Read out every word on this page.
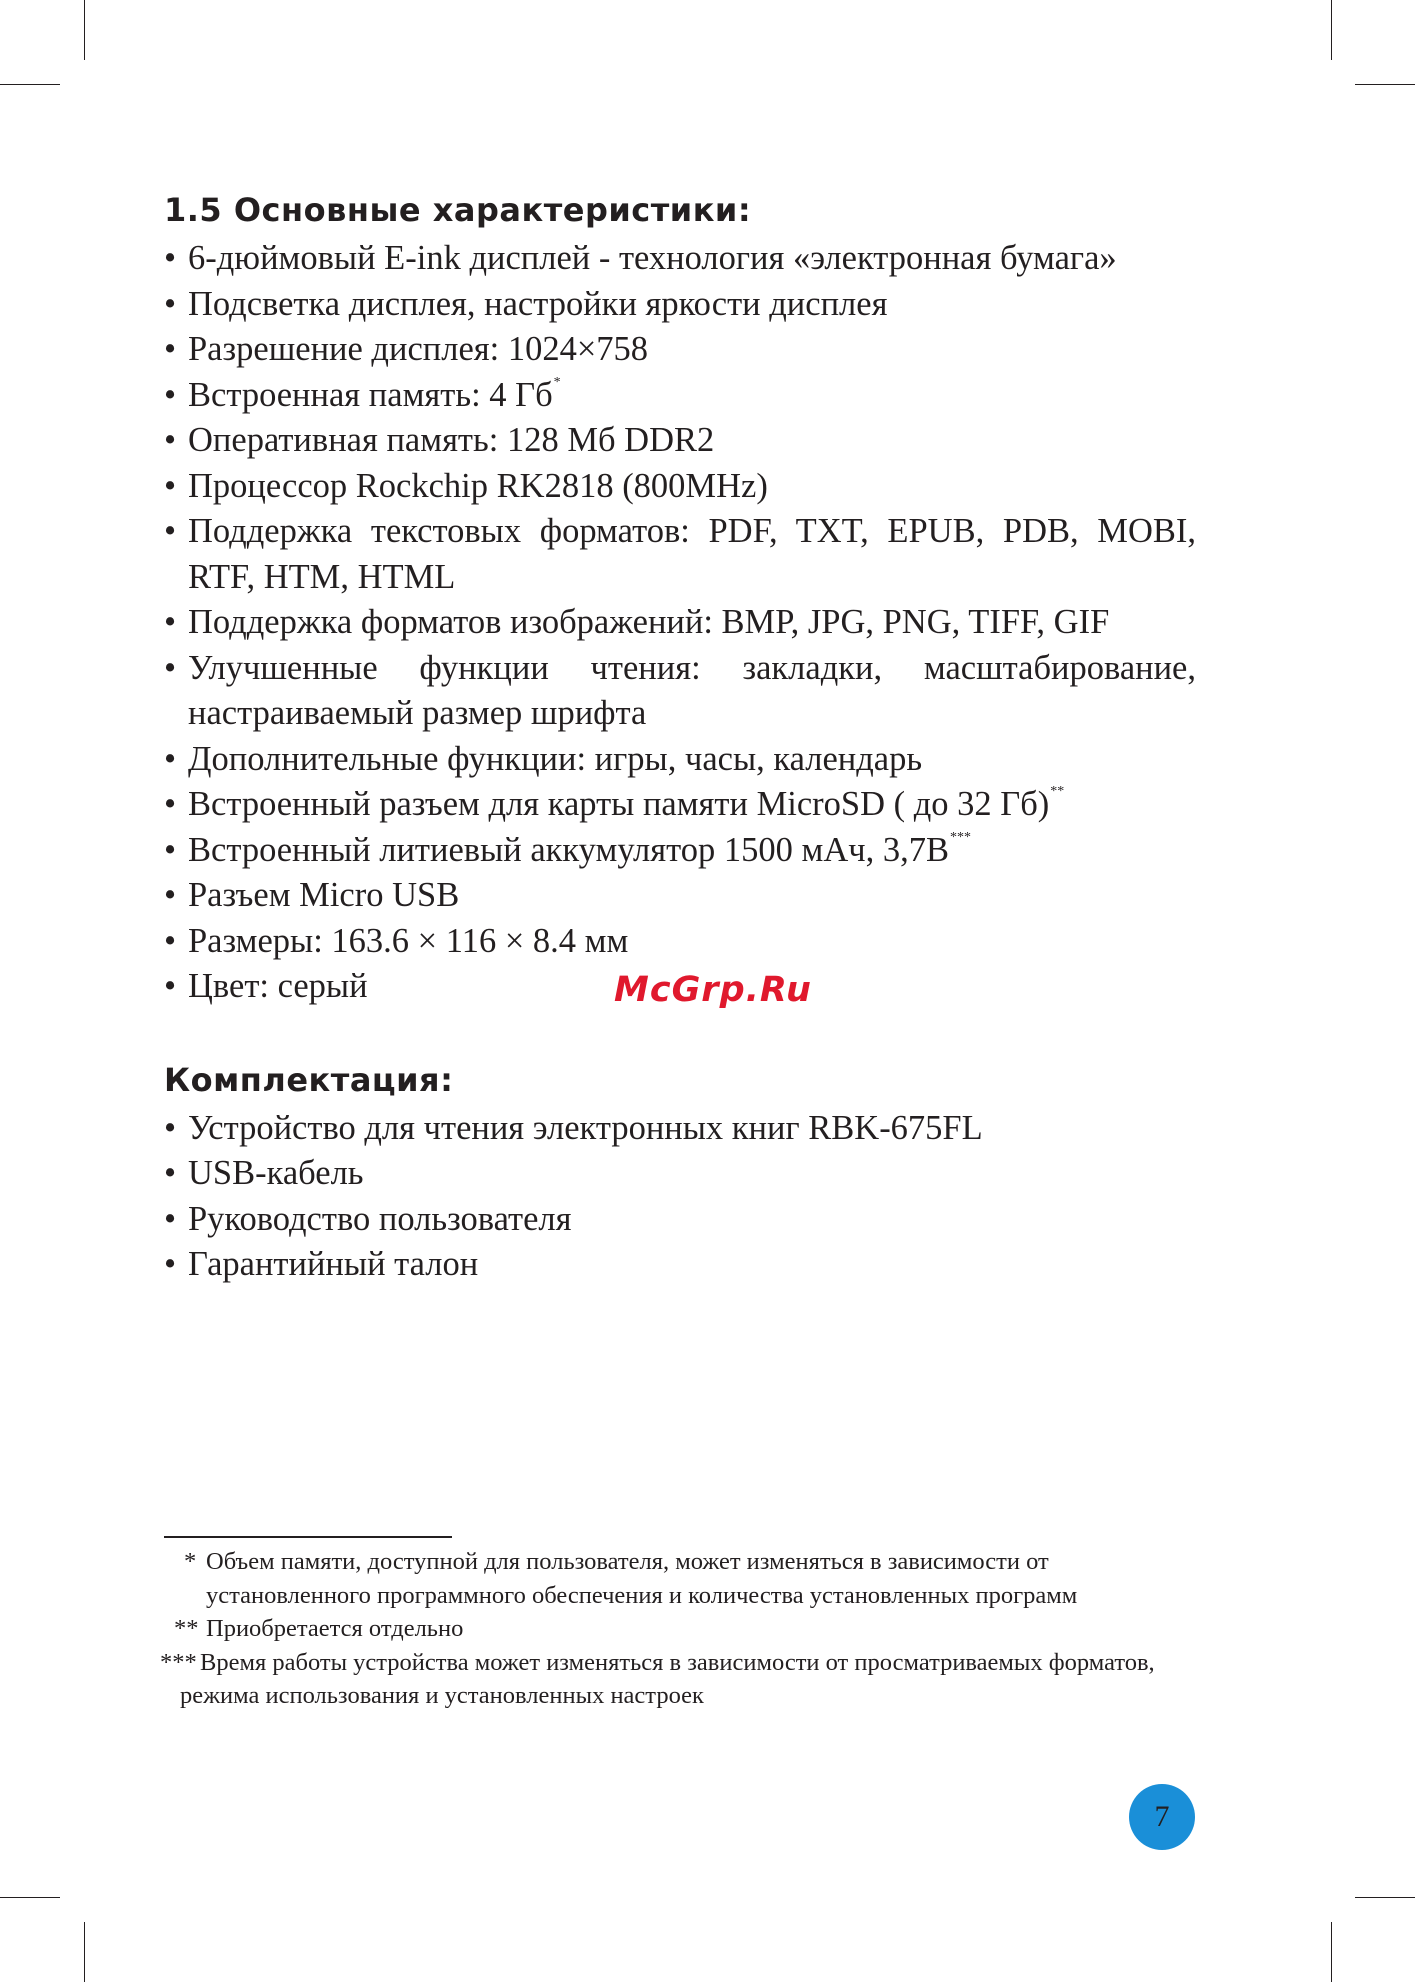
1.5 Основные характеристики:
• 6-дюймовый E-ink дисплей - технология «электронная бумага»
• Подсветка дисплея, настройки яркости дисплея
• Разрешение дисплея: 1024×758
• Встроенная память: 4 Гб*
• Оперативная память: 128 Мб DDR2
• Процессор Rockchip RK2818 (800MHz)
• Поддержка текстовых форматов: PDF, TXT, EPUB, PDB, MOBI, RTF, HTM, HTML
• Поддержка форматов изображений: BMP, JPG, PNG, TIFF, GIF
• Улучшенные функции чтения: закладки, масштабирование, настраиваемый размер шрифта
• Дополнительные функции: игры, часы, календарь
• Встроенный разъем для карты памяти MicroSD ( до 32 Гб)**
• Встроенный литиевый аккумулятор 1500 мАч, 3,7В***
• Разъем Micro USB
• Размеры: 163.6 × 116 × 8.4 мм
• Цвет: серый
Комплектация:
• Устройство для чтения электронных книг RBK-675FL
• USB-кабель
• Руководство пользователя
• Гарантийный талон
McGrp.Ru
* Объем памяти, доступной для пользователя, может изменяться в зависимости от установленного программного обеспечения и количества установленных программ
** Приобретается отдельно
*** Время работы устройства может изменяться в зависимости от просматриваемых форматов, режима использования и установленных настроек
7
